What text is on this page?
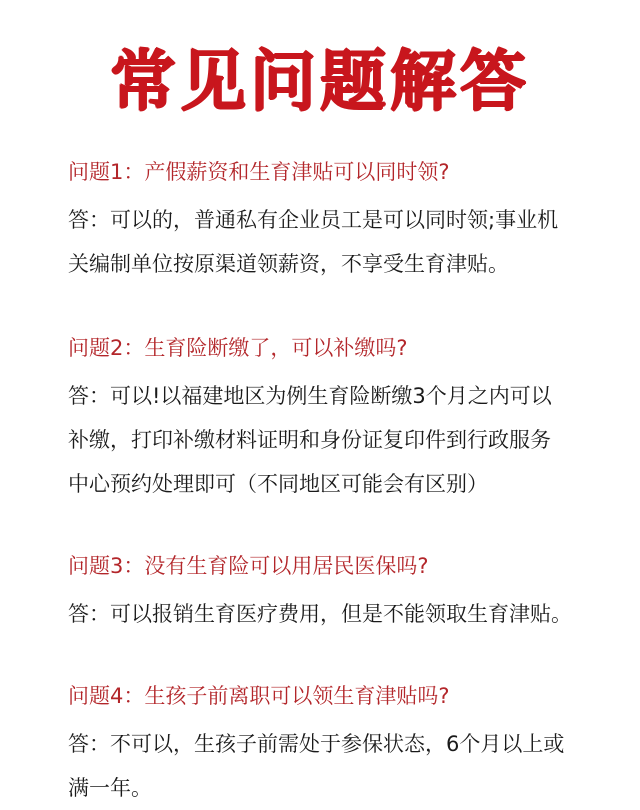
常见问题解答
问题1：产假薪资和生育津贴可以同时领?
答：可以的，普通私有企业员工是可以同时领;事业机
关编制单位按原渠道领薪资，不享受生育津贴。
问题2：生育险断缴了，可以补缴吗?
答：可以!以福建地区为例生育险断缴3个月之内可以
补缴，打印补缴材料证明和身份证复印件到行政服务
中心预约处理即可（不同地区可能会有区别）
问题3：没有生育险可以用居民医保吗?
答：可以报销生育医疗费用，但是不能领取生育津贴。
问题4：生孩子前离职可以领生育津贴吗?
答：不可以，生孩子前需处于参保状态，6个月以上或
满一年。
